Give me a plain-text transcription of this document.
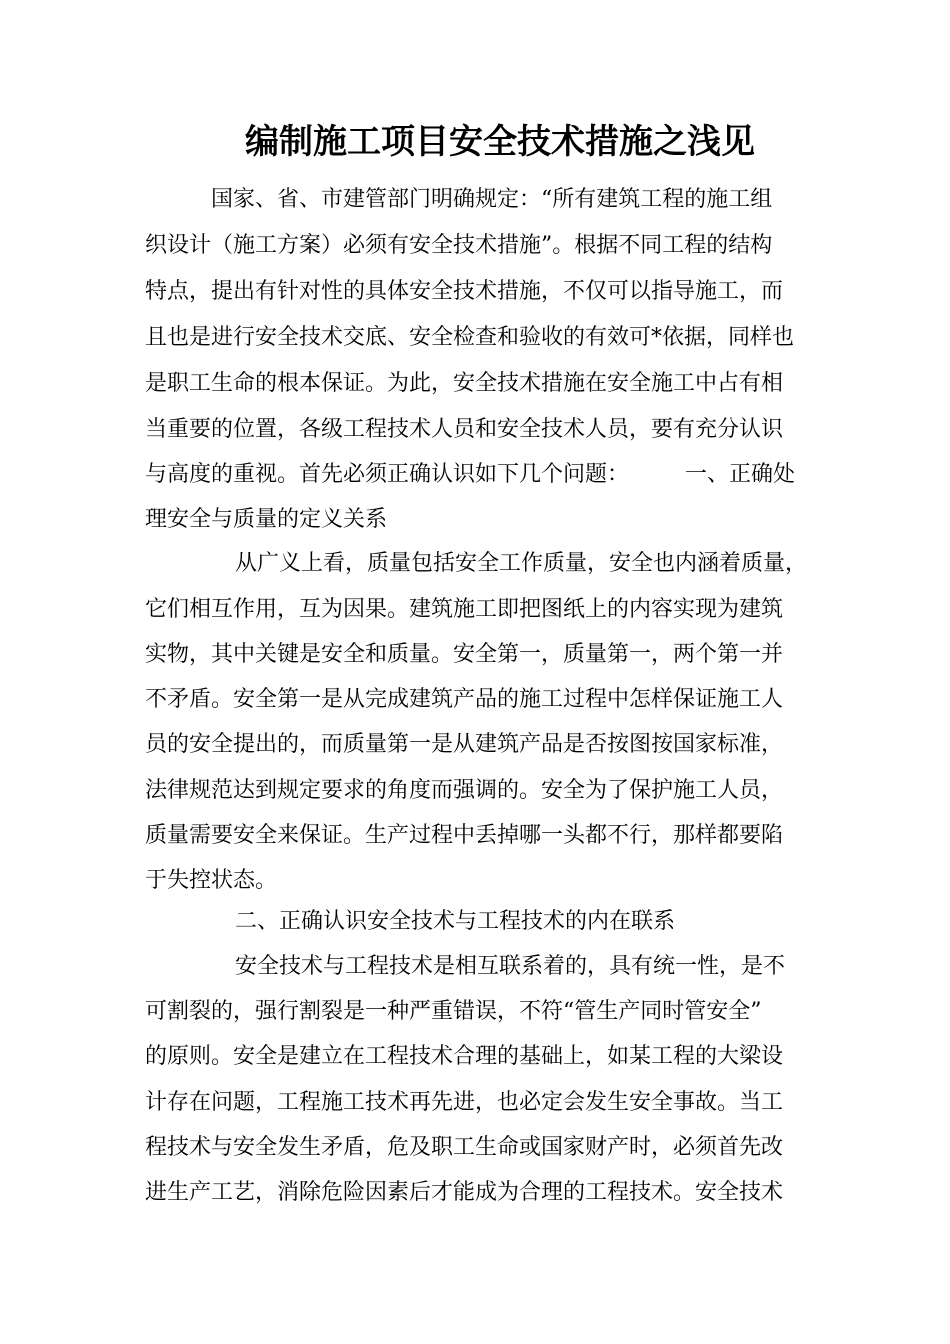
编制施工项目安全技术措施之浅见

国家、省、市建管部门明确规定：“所有建筑工程的施工组

织设计（施工方案）必须有安全技术措施”。根据不同工程的结构

特点，提出有针对性的具体安全技术措施，不仅可以指导施工，而

且也是进行安全技术交底、安全检查和验收的有效可*依据，同样也

是职工生命的根本保证。为此，安全技术措施在安全施工中占有相

当重要的位置，各级工程技术人员和安全技术人员，要有充分认识

与高度的重视。首先必须正确认识如下几个问题：	一、正确处

理安全与质量的定义关系

从广义上看，质量包括安全工作质量，安全也内涵着质量，

它们相互作用，互为因果。建筑施工即把图纸上的内容实现为建筑

实物，其中关键是安全和质量。安全第一，质量第一，两个第一并

不矛盾。安全第一是从完成建筑产品的施工过程中怎样保证施工人

员的安全提出的，而质量第一是从建筑产品是否按图按国家标准，

法律规范达到规定要求的角度而强调的。安全为了保护施工人员，

质量需要安全来保证。生产过程中丢掉哪一头都不行，那样都要陷

于失控状态。

二、正确认识安全技术与工程技术的内在联系

安全技术与工程技术是相互联系着的，具有统一性，是不

可割裂的，强行割裂是一种严重错误，不符“管生产同时管安全”

的原则。安全是建立在工程技术合理的基础上，如某工程的大梁设

计存在问题，工程施工技术再先进，也必定会发生安全事故。当工

程技术与安全发生矛盾，危及职工生命或国家财产时，必须首先改

进生产工艺，消除危险因素后才能成为合理的工程技术。安全技术
